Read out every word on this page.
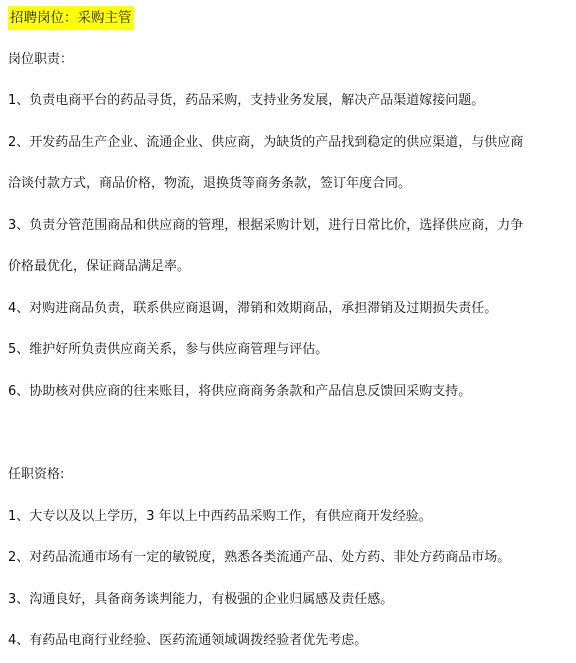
招聘岗位：采购主管
岗位职责：
1、负责电商平台的药品寻货，药品采购，支持业务发展，解决产品渠道嫁接问题。
2、开发药品生产企业、流通企业、供应商，为缺货的产品找到稳定的供应渠道，与供应商
洽谈付款方式，商品价格，物流，退换货等商务条款，签订年度合同。
3、负责分管范围商品和供应商的管理，根据采购计划，进行日常比价，选择供应商，力争
价格最优化，保证商品满足率。
4、对购进商品负责，联系供应商退调，滞销和效期商品，承担滞销及过期损失责任。
5、维护好所负责供应商关系，参与供应商管理与评估。
6、协助核对供应商的往来账目，将供应商商务条款和产品信息反馈回采购支持。
任职资格:
1、大专以及以上学历，3 年以上中西药品采购工作，有供应商开发经验。
2、对药品流通市场有一定的敏锐度，熟悉各类流通产品、处方药、非处方药商品市场。
3、沟通良好，具备商务谈判能力，有极强的企业归属感及责任感。
4、有药品电商行业经验、医药流通领域调拨经验者优先考虑。
